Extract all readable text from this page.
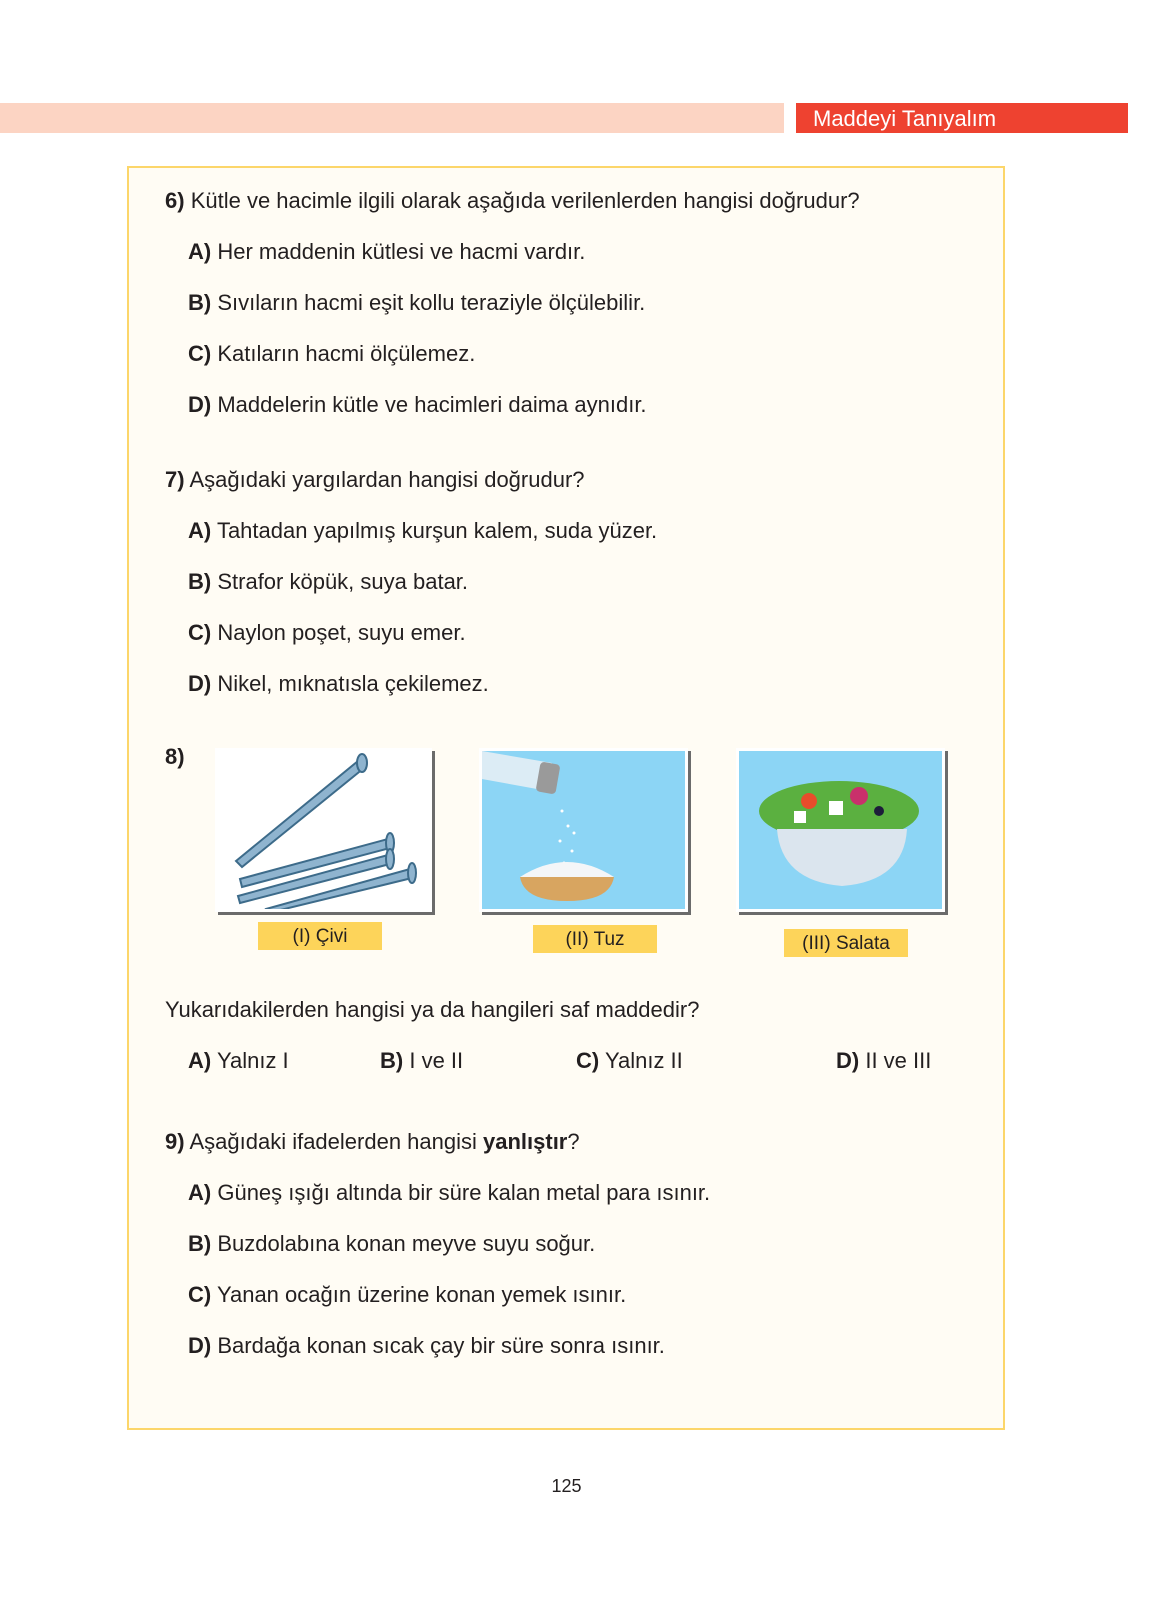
Maddeyi Tanıyalım
6) Kütle ve hacimle ilgili olarak aşağıda verilenlerden hangisi doğrudur?
A) Her maddenin kütlesi ve hacmi vardır.
B) Sıvıların hacmi eşit kollu teraziyle ölçülebilir.
C) Katıların hacmi ölçülemez.
D) Maddelerin kütle ve hacimleri daima aynıdır.
7) Aşağıdaki yargılardan hangisi doğrudur?
A) Tahtadan yapılmış kurşun kalem, suda yüzer.
B) Strafor köpük, suya batar.
C) Naylon poşet, suyu emer.
D) Nikel, mıknatısla çekilemez.
8)
(I) Çivi	(II) Tuz	(III) Salata
Yukarıdakilerden hangisi ya da hangileri saf maddedir?
A) Yalnız I	B) I ve II	C) Yalnız II	D) II ve III
9) Aşağıdaki ifadelerden hangisi yanlıştır?
A) Güneş ışığı altında bir süre kalan metal para ısınır.
B) Buzdolabına konan meyve suyu soğur.
C) Yanan ocağın üzerine konan yemek ısınır.
D) Bardağa konan sıcak çay bir süre sonra ısınır.
125
